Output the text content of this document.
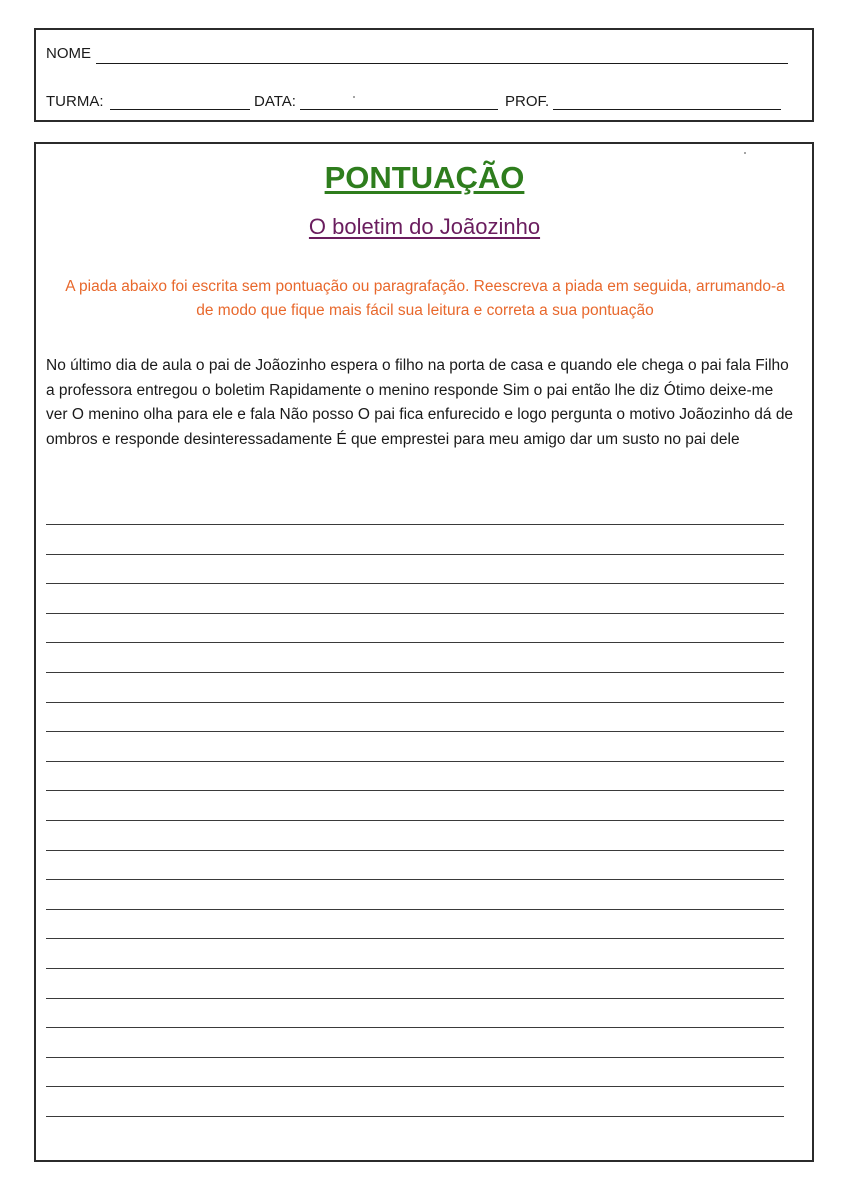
NOME
TURMA:	DATA:	PROF.
PONTUAÇÃO
O boletim do Joãozinho
A piada abaixo foi escrita sem pontuação ou paragrafação. Reescreva a piada em seguida, arrumando-a de modo que fique mais fácil sua leitura e correta a sua pontuação
No último dia de aula o pai de Joãozinho espera o filho na porta de casa e quando ele chega o pai fala Filho a professora entregou o boletim Rapidamente o menino responde Sim o pai então lhe diz Ótimo deixe-me ver O menino olha para ele e fala Não posso O pai fica enfurecido e logo pergunta o motivo Joãozinho dá de ombros e responde desinteressadamente É que emprestei para meu amigo dar um susto no pai dele
